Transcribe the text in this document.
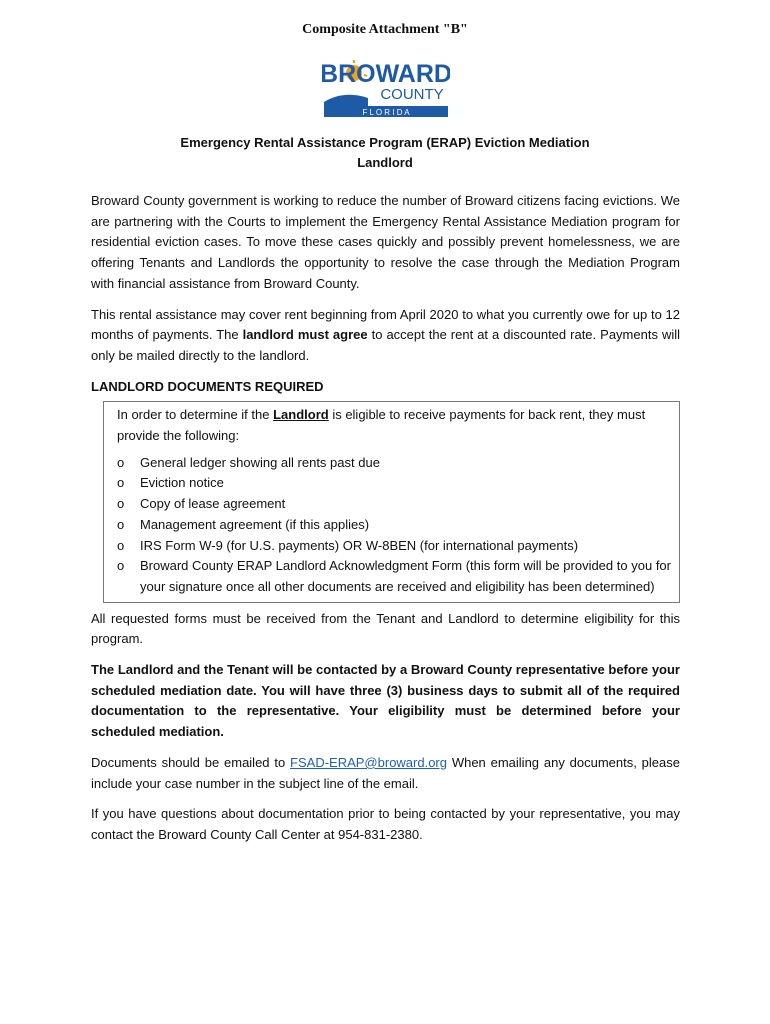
Composite Attachment "B"
BROWARD
COUNTY
F L O R I D A
Emergency Rental Assistance Program (ERAP) Eviction Mediation
Landlord

Broward County government is working to reduce the number of Broward citizens facing evictions. We are partnering with the Courts to implement the Emergency Rental Assistance Mediation program for residential eviction cases. To move these cases quickly and possibly prevent homelessness, we are offering Tenants and Landlords the opportunity to resolve the case through the Mediation Program with financial assistance from Broward County.

This rental assistance may cover rent beginning from April 2020 to what you currently owe for up to 12 months of payments. The landlord must agree to accept the rent at a discounted rate. Payments will only be mailed directly to the landlord.

LANDLORD DOCUMENTS REQUIRED

In order to determine if the Landlord is eligible to receive payments for back rent, they must provide the following:

o General ledger showing all rents past due
o Eviction notice
o Copy of lease agreement
o Management agreement (if this applies)
o IRS Form W-9 (for U.S. payments) OR W-8BEN (for international payments)
o Broward County ERAP Landlord Acknowledgment Form (this form will be provided to you for your signature once all other documents are received and eligibility has been determined)

All requested forms must be received from the Tenant and Landlord to determine eligibility for this program.

The Landlord and the Tenant will be contacted by a Broward County representative before your scheduled mediation date. You will have three (3) business days to submit all of the required documentation to the representative. Your eligibility must be determined before your scheduled mediation.

Documents should be emailed to FSAD-ERAP@broward.org When emailing any documents, please include your case number in the subject line of the email.

If you have questions about documentation prior to being contacted by your representative, you may contact the Broward County Call Center at 954-831-2380.
